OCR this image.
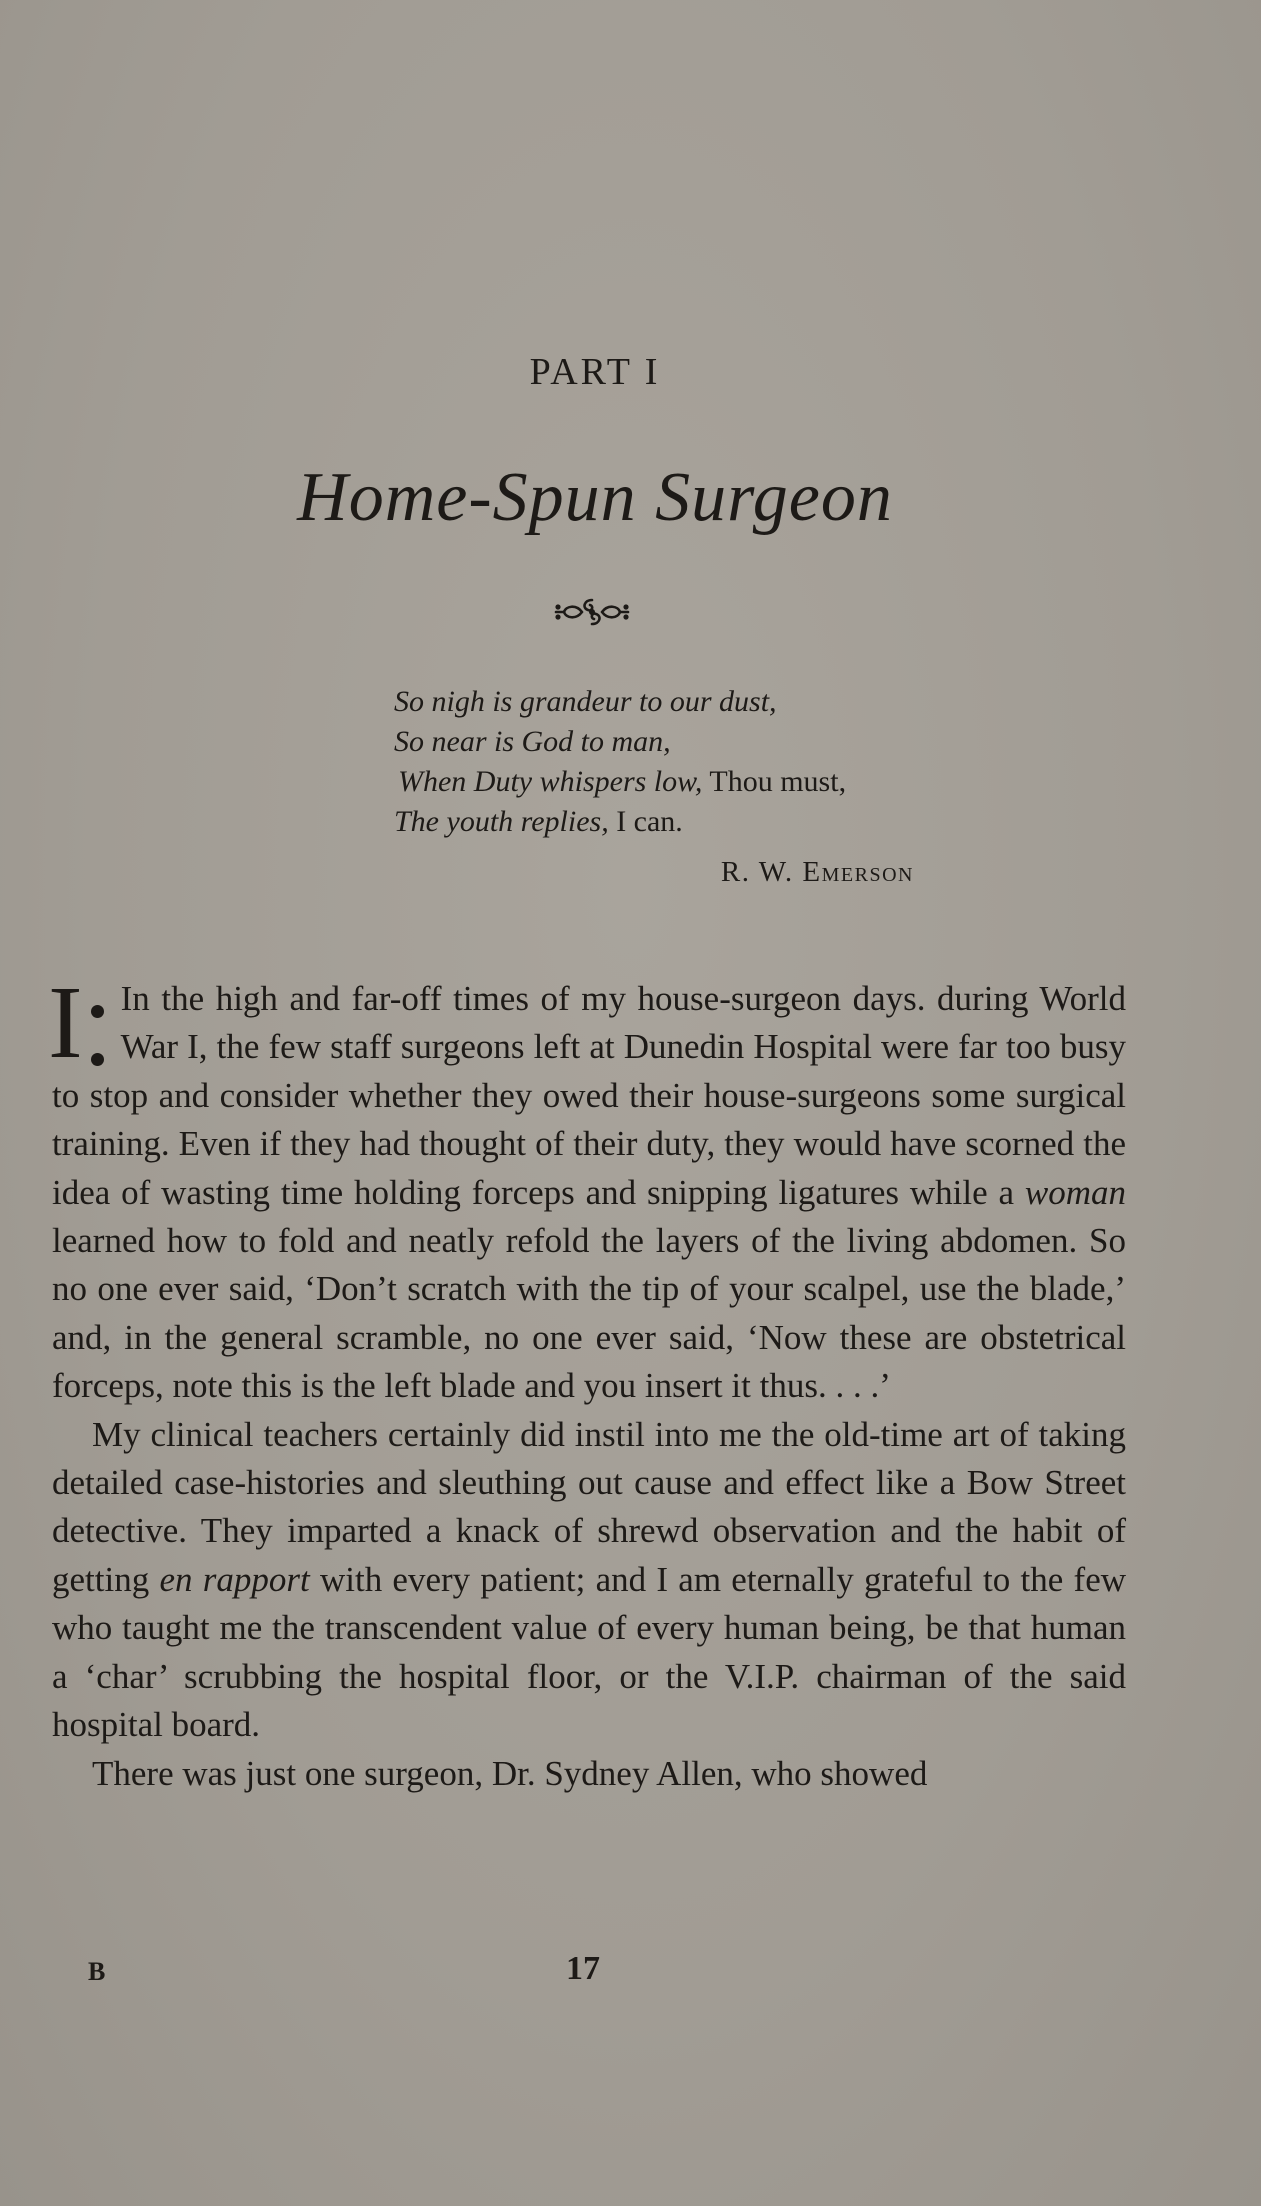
PART I
Home-Spun Surgeon
So nigh is grandeur to our dust,
So near is God to man,
When Duty whispers low, Thou must,
The youth replies, I can.
R. W. Emerson

I In the high and far-off times of my house-surgeon days. during World War I, the few staff surgeons left at Dunedin Hospital were far too busy to stop and consider whether they owed their house-surgeons some surgical training. Even if they had thought of their duty, they would have scorned the idea of wasting time holding forceps and snipping ligatures while a woman learned how to fold and neatly refold the layers of the living abdomen. So no one ever said, ‘Don’t scratch with the tip of your scalpel, use the blade,’ and, in the general scramble, no one ever said, ‘Now these are obstetrical forceps, note this is the left blade and you insert it thus. . . .’

My clinical teachers certainly did instil into me the old-time art of taking detailed case-histories and sleuthing out cause and effect like a Bow Street detective. They imparted a knack of shrewd observation and the habit of getting en rapport with every patient; and I am eternally grateful to the few who taught me the transcendent value of every human being, be that human a ‘char’ scrubbing the hospital floor, or the V.I.P. chairman of the said hospital board.

There was just one surgeon, Dr. Sydney Allen, who showed

B	17
